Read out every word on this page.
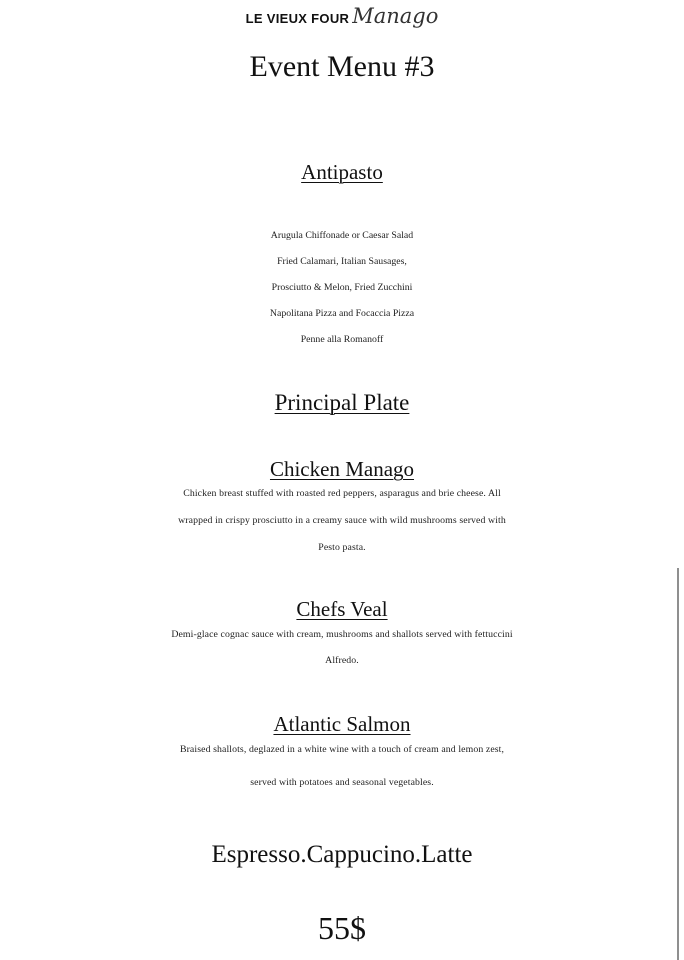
LE VIEUX FOUR Manago
Event Menu #3
Antipasto
Arugula Chiffonade or Caesar Salad
Fried Calamari, Italian Sausages,
Prosciutto & Melon, Fried Zucchini
Napolitana Pizza and Focaccia Pizza
Penne alla Romanoff
Principal Plate
Chicken Manago
Chicken breast stuffed with roasted red peppers, asparagus and brie cheese. All
wrapped in crispy prosciutto in a creamy sauce with wild mushrooms served with
Pesto pasta.
Chefs Veal
Demi-glace cognac sauce with cream, mushrooms and shallots served with fettuccini
Alfredo.
Atlantic Salmon
Braised shallots, deglazed in a white wine with a touch of cream and lemon zest,
served with potatoes and seasonal vegetables.
Espresso.Cappucino.Latte
55$
